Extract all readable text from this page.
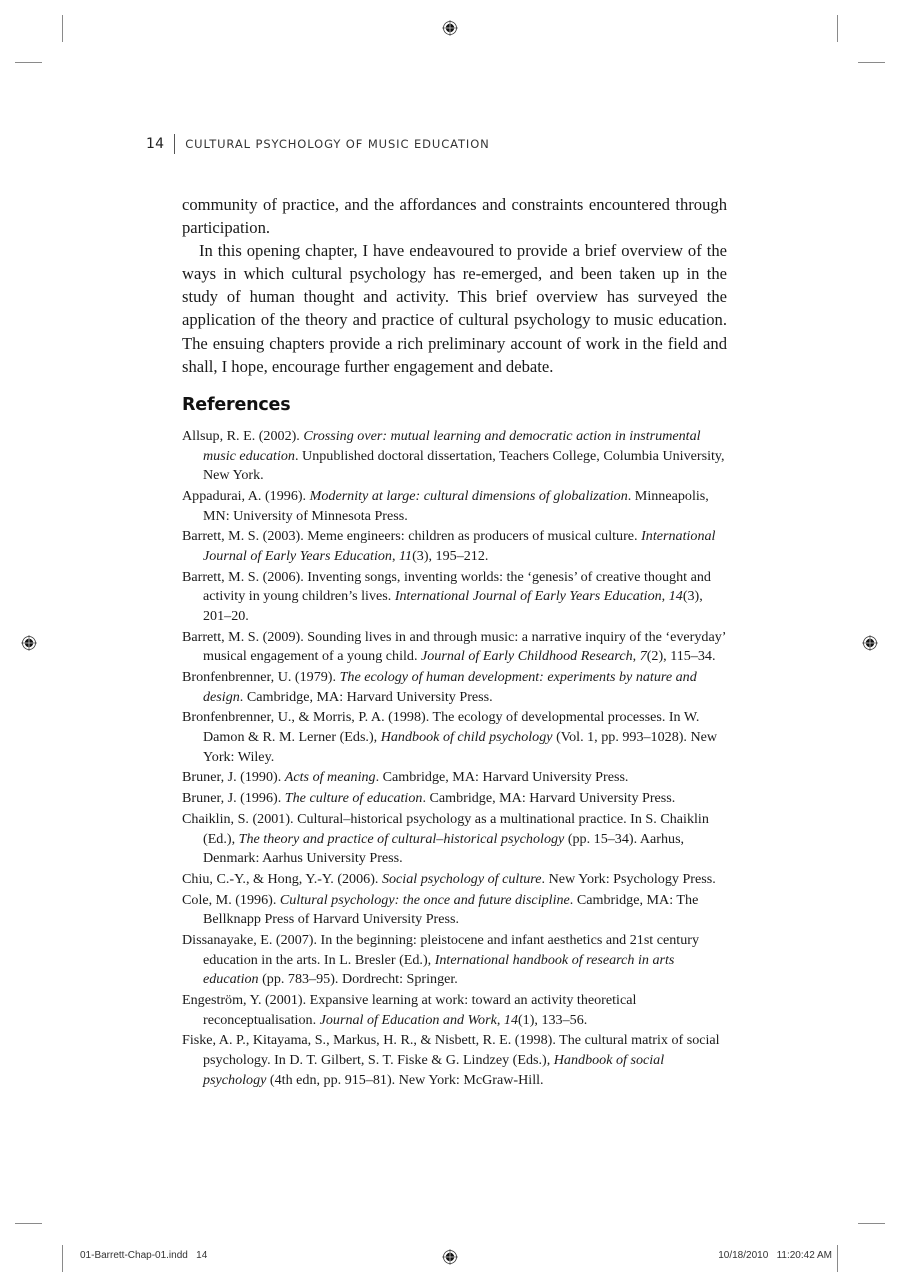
14 CULTURAL PSYCHOLOGY OF MUSIC EDUCATION

community of practice, and the affordances and constraints encountered through participation.

In this opening chapter, I have endeavoured to provide a brief overview of the ways in which cultural psychology has re-emerged, and been taken up in the study of human thought and activity. This brief overview has surveyed the application of the theory and practice of cultural psychology to music education. The ensuing chapters provide a rich preliminary account of work in the field and shall, I hope, encourage further engagement and debate.

References

Allsup, R. E. (2002). Crossing over: mutual learning and democratic action in instrumental music education. Unpublished doctoral dissertation, Teachers College, Columbia University, New York.

Appadurai, A. (1996). Modernity at large: cultural dimensions of globalization. Minneapolis, MN: University of Minnesota Press.

Barrett, M. S. (2003). Meme engineers: children as producers of musical culture. International Journal of Early Years Education, 11(3), 195–212.

Barrett, M. S. (2006). Inventing songs, inventing worlds: the ‘genesis’ of creative thought and activity in young children’s lives. International Journal of Early Years Education, 14(3), 201–20.

Barrett, M. S. (2009). Sounding lives in and through music: a narrative inquiry of the ‘everyday’ musical engagement of a young child. Journal of Early Childhood Research, 7(2), 115–34.

Bronfenbrenner, U. (1979). The ecology of human development: experiments by nature and design. Cambridge, MA: Harvard University Press.

Bronfenbrenner, U., & Morris, P. A. (1998). The ecology of developmental processes. In W. Damon & R. M. Lerner (Eds.), Handbook of child psychology (Vol. 1, pp. 993–1028). New York: Wiley.

Bruner, J. (1990). Acts of meaning. Cambridge, MA: Harvard University Press.

Bruner, J. (1996). The culture of education. Cambridge, MA: Harvard University Press.

Chaiklin, S. (2001). Cultural–historical psychology as a multinational practice. In S. Chaiklin (Ed.), The theory and practice of cultural–historical psychology (pp. 15–34). Aarhus, Denmark: Aarhus University Press.

Chiu, C.-Y., & Hong, Y.-Y. (2006). Social psychology of culture. New York: Psychology Press.

Cole, M. (1996). Cultural psychology: the once and future discipline. Cambridge, MA: The Bellknapp Press of Harvard University Press.

Dissanayake, E. (2007). In the beginning: pleistocene and infant aesthetics and 21st century education in the arts. In L. Bresler (Ed.), International handbook of research in arts education (pp. 783–95). Dordrecht: Springer.

Engeström, Y. (2001). Expansive learning at work: toward an activity theoretical reconceptualisation. Journal of Education and Work, 14(1), 133–56.

Fiske, A. P., Kitayama, S., Markus, H. R., & Nisbett, R. E. (1998). The cultural matrix of social psychology. In D. T. Gilbert, S. T. Fiske & G. Lindzey (Eds.), Handbook of social psychology (4th edn, pp. 915–81). New York: McGraw-Hill.

01-Barrett-Chap-01.indd   14	10/18/2010   11:20:42 AM
